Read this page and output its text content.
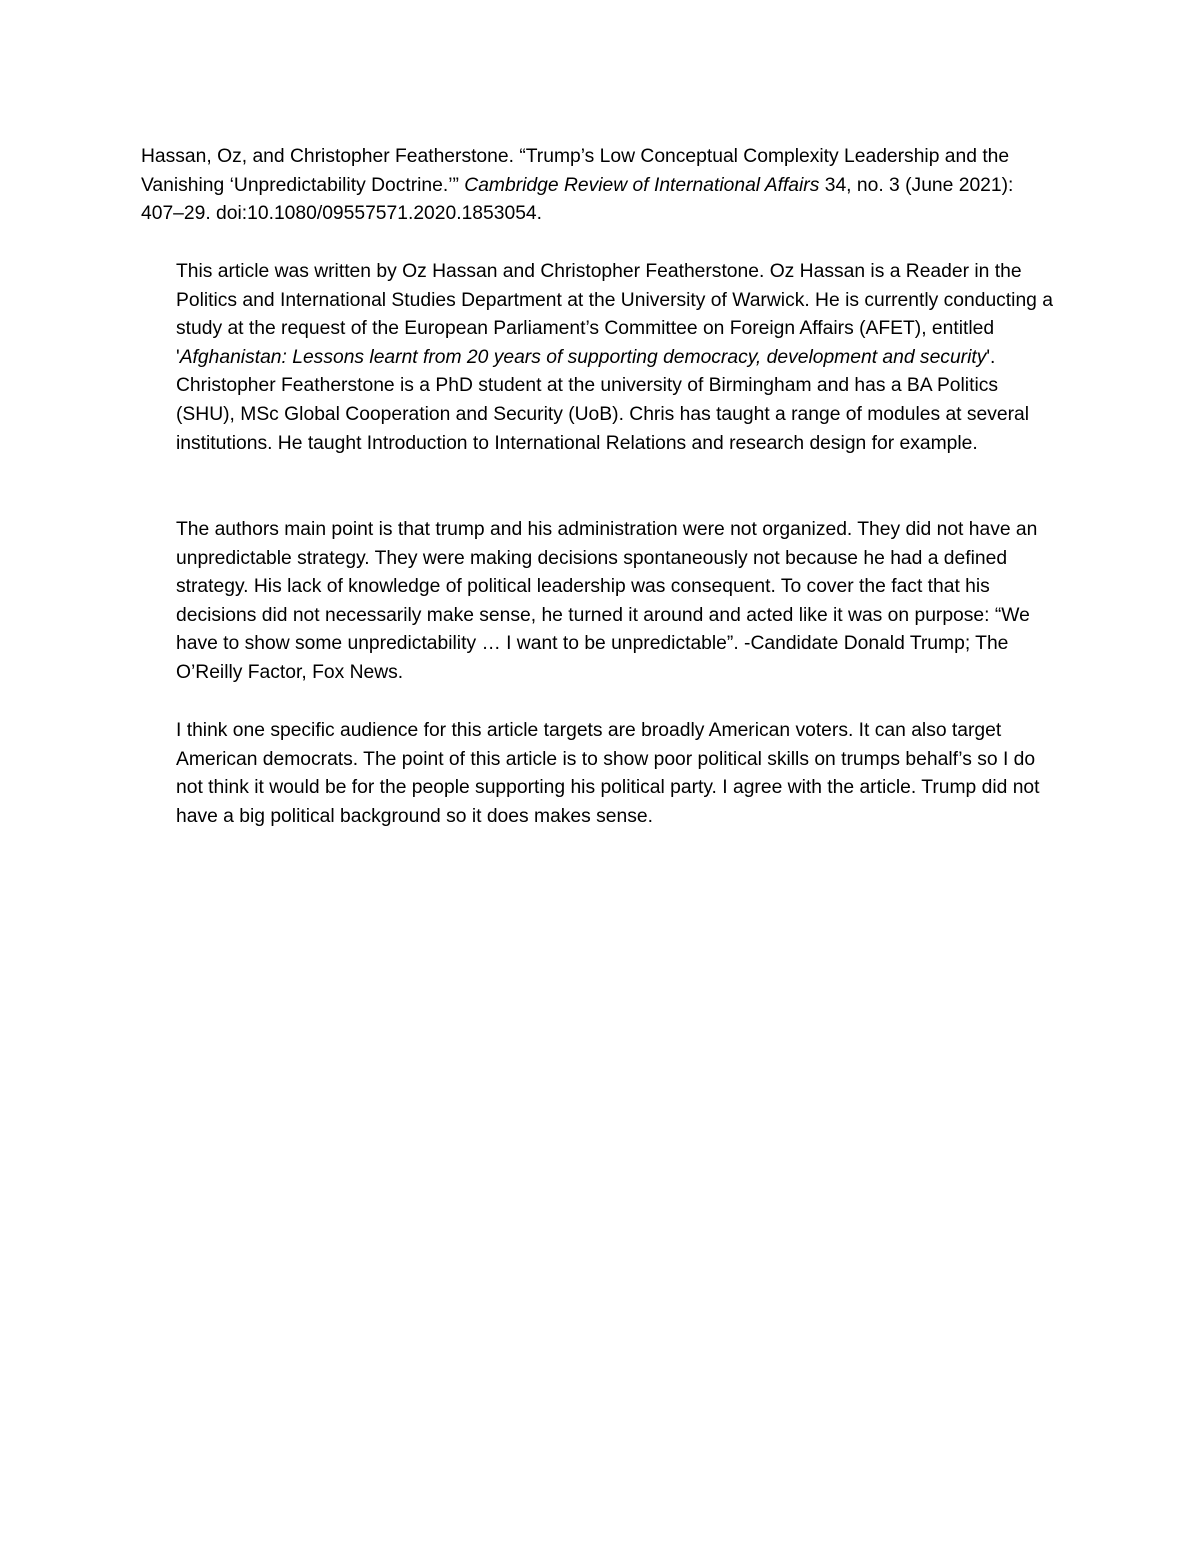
Hassan, Oz, and Christopher Featherstone. “Trump’s Low Conceptual Complexity Leadership and the Vanishing ‘Unpredictability Doctrine.’” Cambridge Review of International Affairs 34, no. 3 (June 2021): 407–29. doi:10.1080/09557571.2020.1853054.
This article was written by Oz Hassan and Christopher Featherstone. Oz Hassan is a Reader in the Politics and International Studies Department at the University of Warwick. He is currently conducting a study at the request of the European Parliament’s Committee on Foreign Affairs (AFET), entitled 'Afghanistan: Lessons learnt from 20 years of supporting democracy, development and security'. Christopher Featherstone is a PhD student at the university of Birmingham and has a BA Politics (SHU), MSc Global Cooperation and Security (UoB). Chris has taught a range of modules at several institutions. He taught Introduction to International Relations and research design for example.
The authors main point is that trump and his administration were not organized. They did not have an unpredictable strategy. They were making decisions spontaneously not because he had a defined strategy. His lack of knowledge of political leadership was consequent. To cover the fact that his decisions did not necessarily make sense, he turned it around and acted like it was on purpose: “We have to show some unpredictability … I want to be unpredictable”. -Candidate Donald Trump; The O’Reilly Factor, Fox News.
I think one specific audience for this article targets are broadly American voters. It can also target American democrats. The point of this article is to show poor political skills on trumps behalf’s so I do not think it would be for the people supporting his political party. I agree with the article. Trump did not have a big political background so it does makes sense.
